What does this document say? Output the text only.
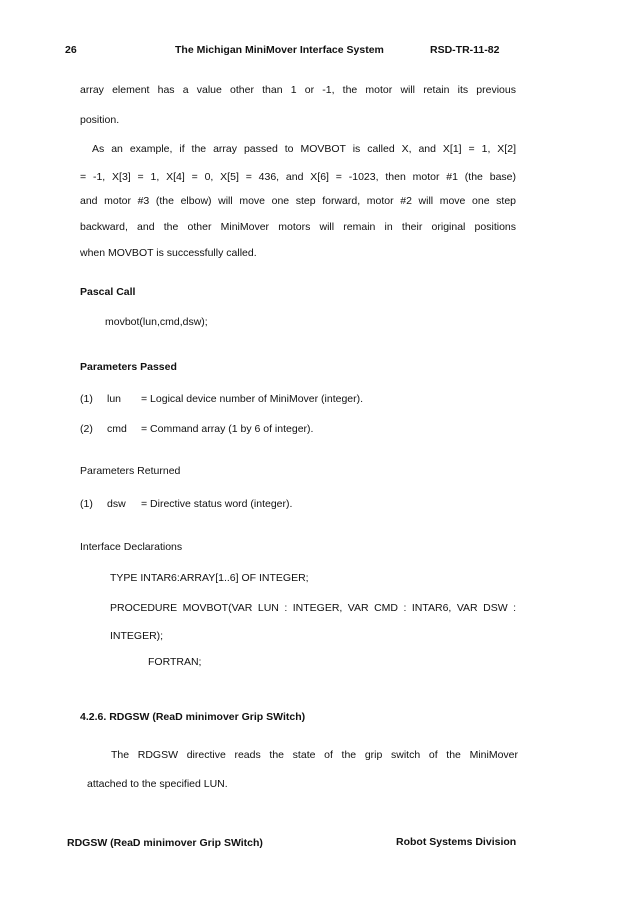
26	The Michigan MiniMover Interface System	RSD-TR-11-82
array element has a value other than 1 or -1, the motor will retain its previous
position.
As an example, if the array passed to MOVBOT is called X, and X[1] = 1, X[2]
= -1, X[3] = 1, X[4] = 0, X[5] = 436, and X[6] = -1023, then motor #1 (the base)
and motor #3 (the elbow) will move one step forward, motor #2 will move one step
backward, and the other MiniMover motors will remain in their original positions
when MOVBOT is successfully called.
Pascal Call
movbot(lun,cmd,dsw);
Parameters Passed
(1) lun = Logical device number of MiniMover (integer).
(2) cmd = Command array (1 by 6 of integer).
Parameters Returned
(1) dsw = Directive status word (integer).
Interface Declarations
TYPE INTAR6:ARRAY[1..6] OF INTEGER;
PROCEDURE MOVBOT(VAR LUN : INTEGER, VAR CMD : INTAR6, VAR DSW :
INTEGER);
FORTRAN;
4.2.6. RDGSW (ReaD minimover Grip SWitch)
The RDGSW directive reads the state of the grip switch of the MiniMover
attached to the specified LUN.
RDGSW (ReaD minimover Grip SWitch)	Robot Systems Division
